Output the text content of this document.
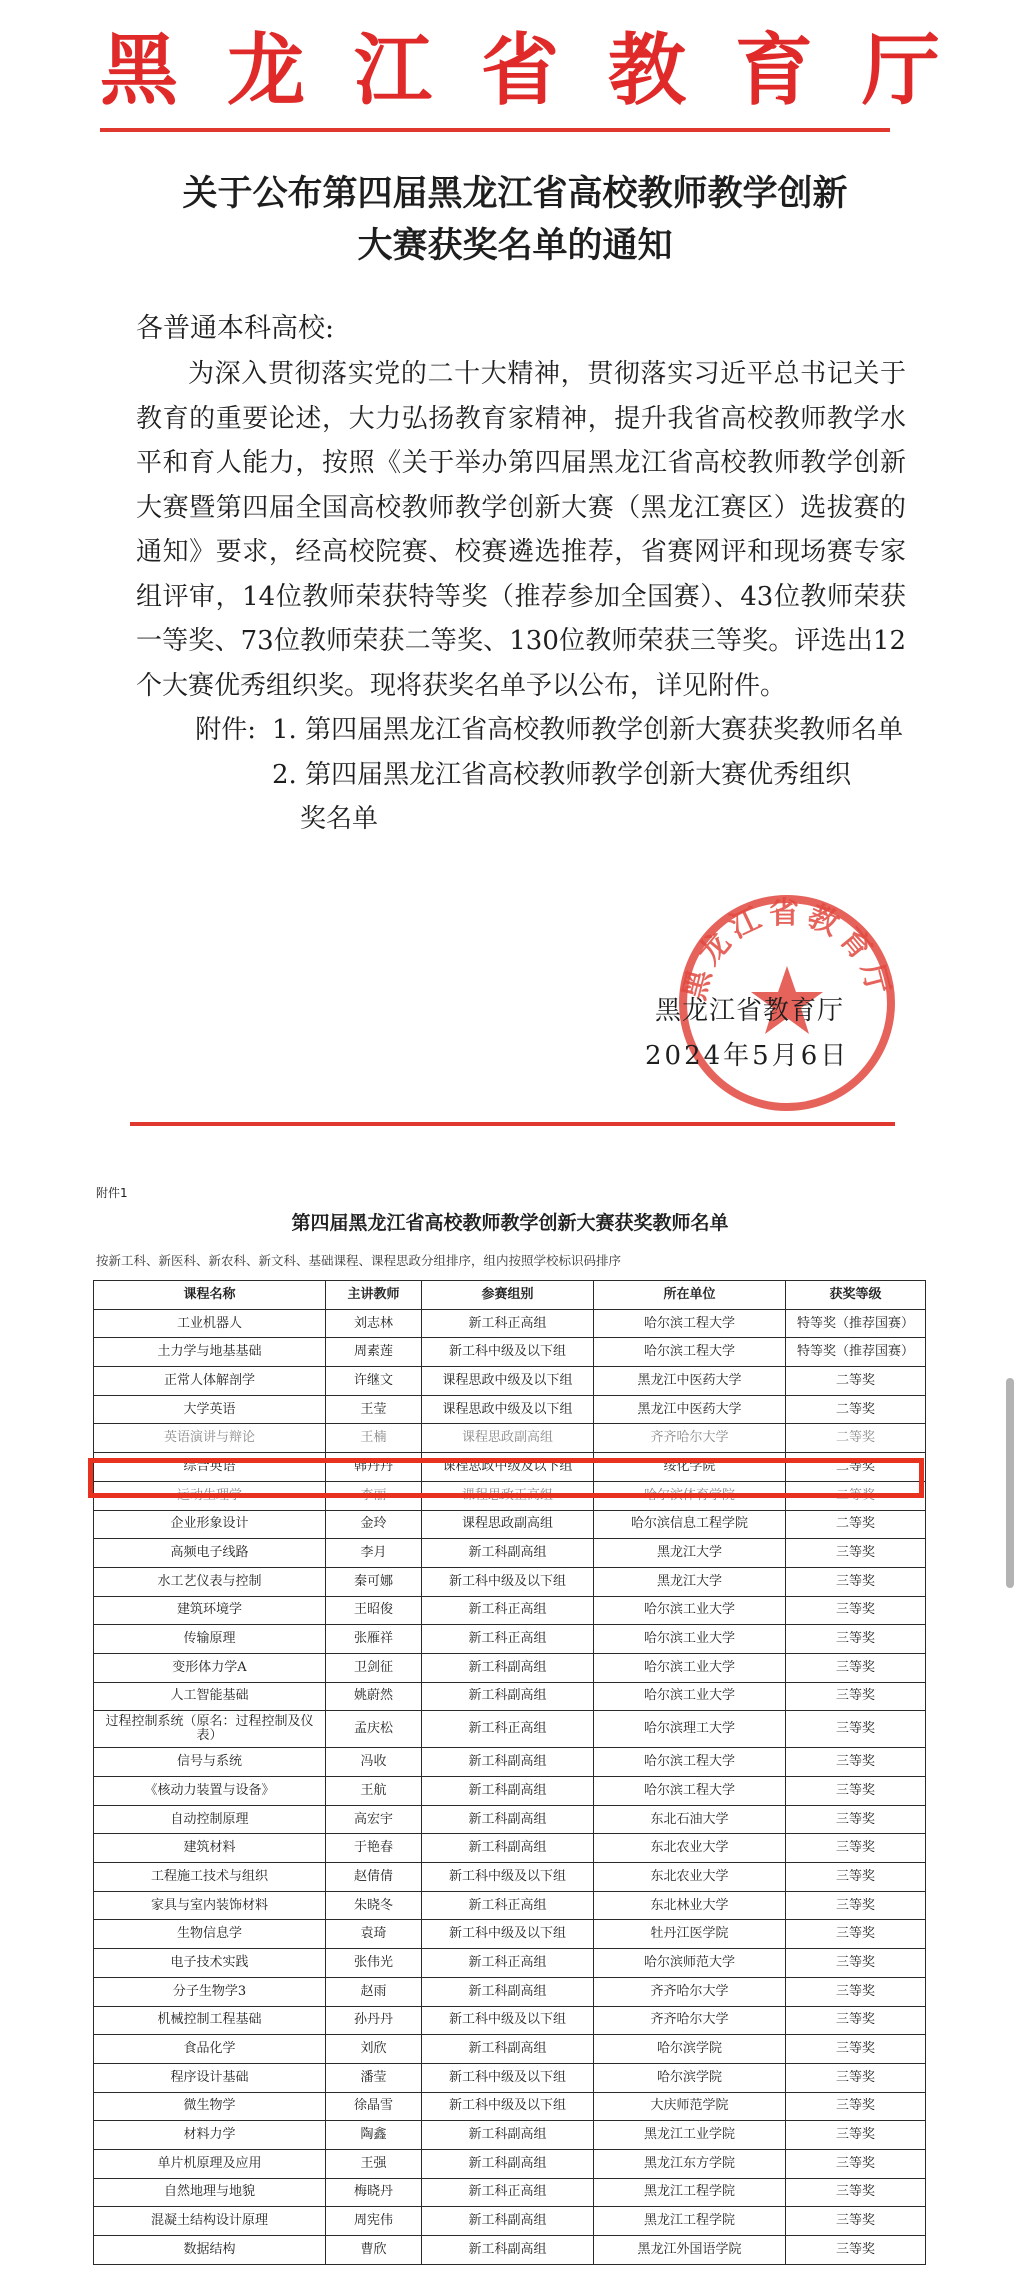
黑 龙 江 省 教 育 厅
关于公布第四届黑龙江省高校教师教学创新
大赛获奖名单的通知
各普通本科高校:
为深入贯彻落实党的二十大精神，贯彻落实习近平总书记关于教育的重要论述，大力弘扬教育家精神，提升我省高校教师教学水平和育人能力，按照《关于举办第四届黑龙江省高校教师教学创新大赛暨第四届全国高校教师教学创新大赛（黑龙江赛区）选拔赛的通知》要求，经高校院赛、校赛遴选推荐，省赛网评和现场赛专家组评审，14位教师荣获特等奖（推荐参加全国赛）、43位教师荣获一等奖、73位教师荣获二等奖、130位教师荣获三等奖。评选出12个大赛优秀组织奖。现将获奖名单予以公布，详见附件。
附件: 1. 第四届黑龙江省高校教师教学创新大赛获奖教师名单
2. 第四届黑龙江省高校教师教学创新大赛优秀组织
奖名单
黑龙江省教育厅
黑龙江省教育厅
2024年5月6日
附件1
第四届黑龙江省高校教师教学创新大赛获奖教师名单
按新工科、新医科、新农科、新文科、基础课程、课程思政分组排序，组内按照学校标识码排序
课程名称	主讲教师	参赛组别	所在单位	获奖等级
工业机器人	刘志林	新工科正高组	哈尔滨工程大学	特等奖（推荐国赛）
土力学与地基基础	周素莲	新工科中级及以下组	哈尔滨工程大学	特等奖（推荐国赛）
正常人体解剖学	许继文	课程思政中级及以下组	黑龙江中医药大学	二等奖
大学英语	王莹	课程思政中级及以下组	黑龙江中医药大学	二等奖
英语演讲与辩论	王楠	课程思政副高组	齐齐哈尔大学	二等奖
综合英语	韩丹丹	课程思政中级及以下组	绥化学院	二等奖
运动生理学	李丽	课程思政正高组	哈尔滨体育学院	二等奖
企业形象设计	金玲	课程思政副高组	哈尔滨信息工程学院	二等奖
高频电子线路	李月	新工科副高组	黑龙江大学	三等奖
水工艺仪表与控制	秦可娜	新工科中级及以下组	黑龙江大学	三等奖
建筑环境学	王昭俊	新工科正高组	哈尔滨工业大学	三等奖
传输原理	张雁祥	新工科正高组	哈尔滨工业大学	三等奖
变形体力学A	卫剑征	新工科副高组	哈尔滨工业大学	三等奖
人工智能基础	姚蔚然	新工科副高组	哈尔滨工业大学	三等奖
过程控制系统（原名：过程控制及仪表）	孟庆松	新工科正高组	哈尔滨理工大学	三等奖
信号与系统	冯收	新工科副高组	哈尔滨工程大学	三等奖
《核动力装置与设备》	王航	新工科副高组	哈尔滨工程大学	三等奖
自动控制原理	高宏宇	新工科副高组	东北石油大学	三等奖
建筑材料	于艳春	新工科副高组	东北农业大学	三等奖
工程施工技术与组织	赵倩倩	新工科中级及以下组	东北农业大学	三等奖
家具与室内装饰材料	朱晓冬	新工科正高组	东北林业大学	三等奖
生物信息学	袁琦	新工科中级及以下组	牡丹江医学院	三等奖
电子技术实践	张伟光	新工科正高组	哈尔滨师范大学	三等奖
分子生物学3	赵雨	新工科副高组	齐齐哈尔大学	三等奖
机械控制工程基础	孙丹丹	新工科中级及以下组	齐齐哈尔大学	三等奖
食品化学	刘欣	新工科副高组	哈尔滨学院	三等奖
程序设计基础	潘莹	新工科中级及以下组	哈尔滨学院	三等奖
微生物学	徐晶雪	新工科中级及以下组	大庆师范学院	三等奖
材料力学	陶鑫	新工科副高组	黑龙江工业学院	三等奖
单片机原理及应用	王强	新工科副高组	黑龙江东方学院	三等奖
自然地理与地貌	梅晓丹	新工科正高组	黑龙江工程学院	三等奖
混凝土结构设计原理	周宪伟	新工科副高组	黑龙江工程学院	三等奖
数据结构	曹欣	新工科副高组	黑龙江外国语学院	三等奖
